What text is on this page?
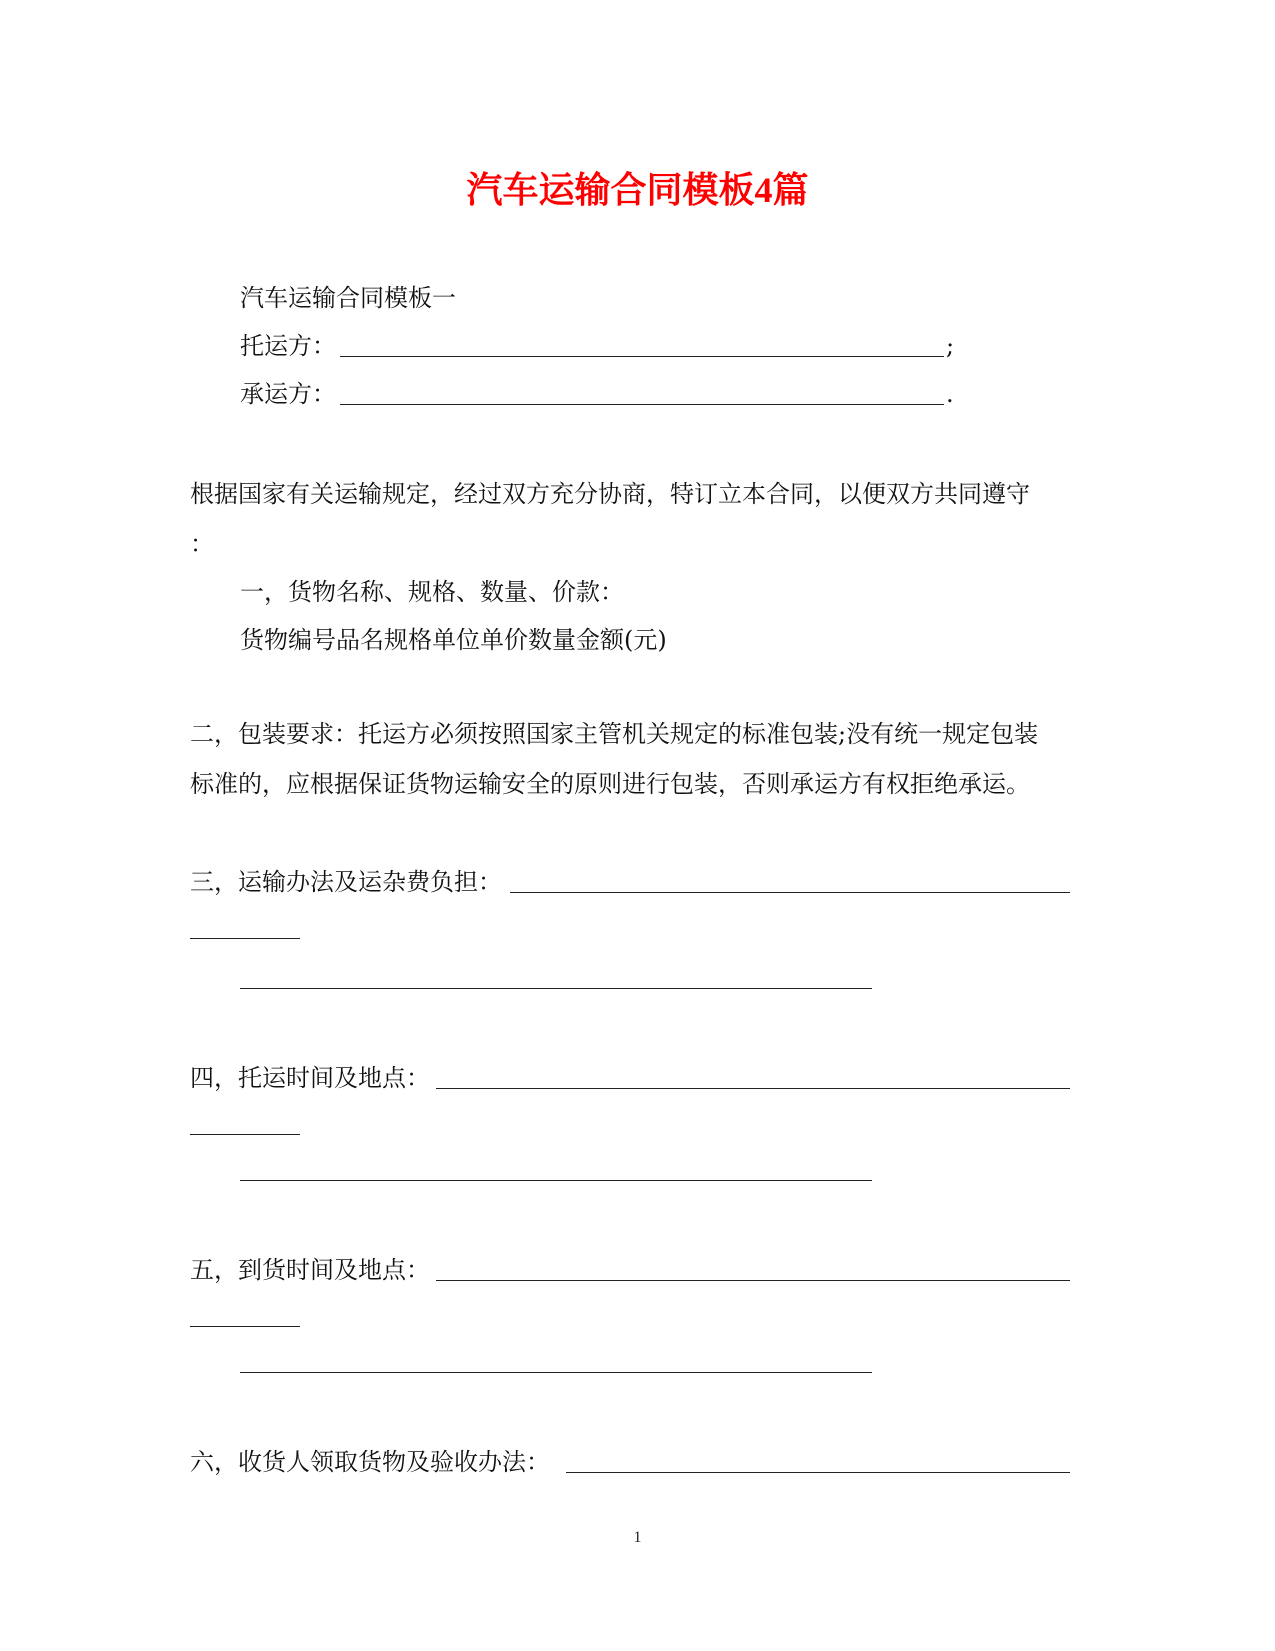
汽车运输合同模板4篇
汽车运输合同模板一
托运方：	;
承运方：	.
根据国家有关运输规定，经过双方充分协商，特订立本合同，以便双方共同遵守
：
一，货物名称、规格、数量、价款：
货物编号品名规格单位单价数量金额(元)
二，包装要求：托运方必须按照国家主管机关规定的标准包装;没有统一规定包装
标准的，应根据保证货物运输安全的原则进行包装，否则承运方有权拒绝承运。
三，运输办法及运杂费负担：
四，托运时间及地点：
五，到货时间及地点：
六，收货人领取货物及验收办法：
1
